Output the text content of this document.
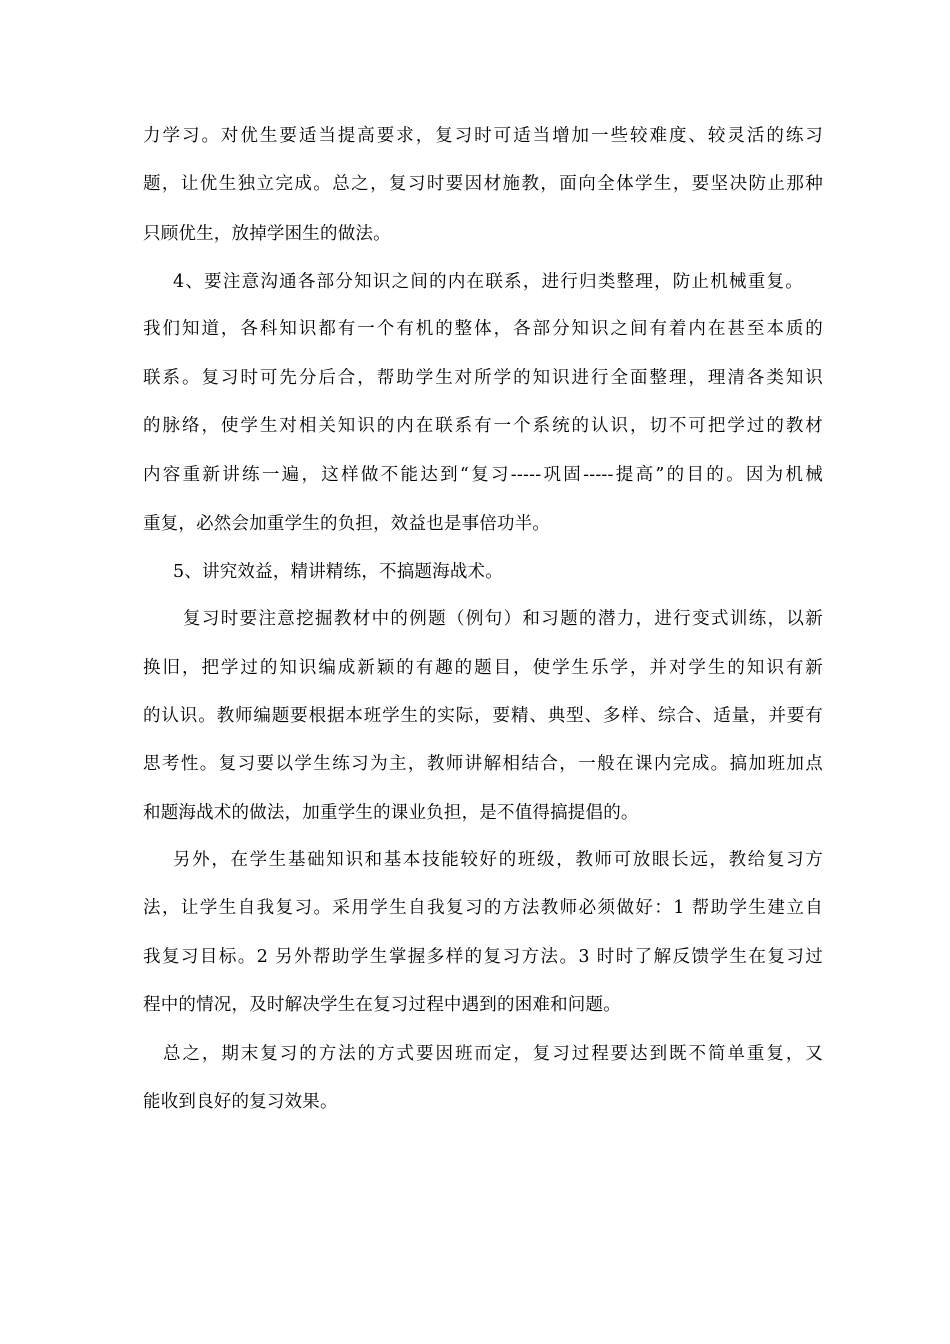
力学习。对优生要适当提高要求，复习时可适当增加一些较难度、较灵活的练习
题，让优生独立完成。总之，复习时要因材施教，面向全体学生，要坚决防止那种
只顾优生，放掉学困生的做法。
4、要注意沟通各部分知识之间的内在联系，进行归类整理，防止机械重复。
我们知道，各科知识都有一个有机的整体，各部分知识之间有着内在甚至本质的
联系。复习时可先分后合，帮助学生对所学的知识进行全面整理，理清各类知识
的脉络，使学生对相关知识的内在联系有一个系统的认识，切不可把学过的教材
内容重新讲练一遍，这样做不能达到“复习-----巩固-----提高”的目的。因为机械
重复，必然会加重学生的负担，效益也是事倍功半。
5、讲究效益，精讲精练，不搞题海战术。
复习时要注意挖掘教材中的例题（例句）和习题的潜力，进行变式训练，以新
换旧，把学过的知识编成新颖的有趣的题目，使学生乐学，并对学生的知识有新
的认识。教师编题要根据本班学生的实际，要精、典型、多样、综合、适量，并要有
思考性。复习要以学生练习为主，教师讲解相结合，一般在课内完成。搞加班加点
和题海战术的做法，加重学生的课业负担，是不值得搞提倡的。
另外，在学生基础知识和基本技能较好的班级，教师可放眼长远，教给复习方
法，让学生自我复习。采用学生自我复习的方法教师必须做好：1 帮助学生建立自
我复习目标。2 另外帮助学生掌握多样的复习方法。3 时时了解反馈学生在复习过
程中的情况，及时解决学生在复习过程中遇到的困难和问题。
总之，期末复习的方法的方式要因班而定，复习过程要达到既不简单重复，又
能收到良好的复习效果。
